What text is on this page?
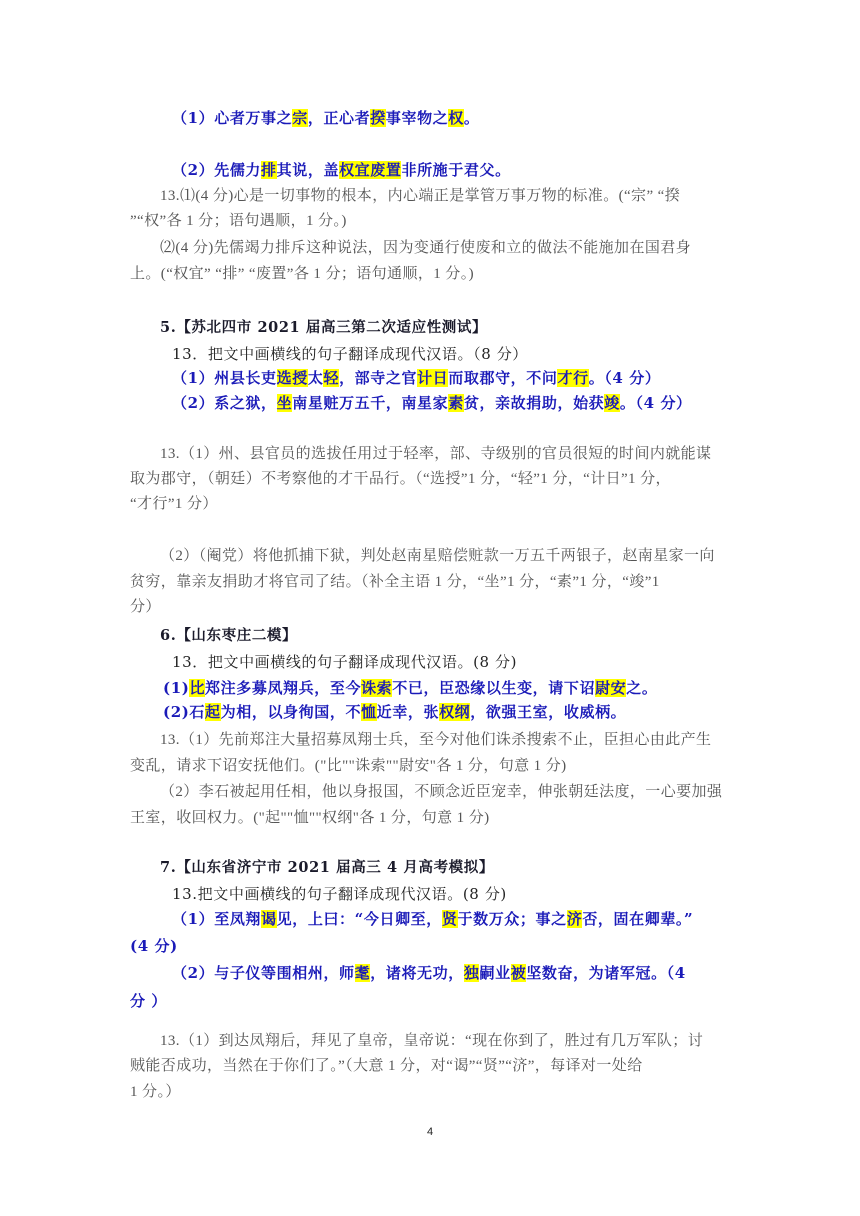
（1）心者万事之宗，正心者揆事宰物之权。
（2）先儒力排其说，盖权宜废置非所施于君父。
13.⑴(4 分)心是一切事物的根本，内心端正是掌管万事万物的标准。(“宗” “揆
”“权”各 1 分；语句遇顺，1 分。)
⑵(4 分)先儒竭力排斥这种说法，因为变通行使废和立的做法不能施加在国君身
上。(“权宜” “排” “废置”各 1 分；语句通顺，1 分。)
5.【苏北四市 2021 届高三第二次适应性测试】
13．把文中画横线的句子翻译成现代汉语。（8 分）
（1）州县长吏选授太轻，部寺之官计日而取郡守，不问才行。（4 分）
（2）系之狱，坐南星赃万五千，南星家素贫，亲故捐助，始获竣。（4 分）
13.（1）州、县官员的选拔任用过于轻率，部、寺级别的官员很短的时间内就能谋
取为郡守，（朝廷）不考察他的才干品行。（“选授”1 分，“轻”1 分，“计日”1 分，
“才行”1 分）
（2）（阉党）将他抓捕下狱，判处赵南星赔偿赃款一万五千两银子，赵南星家一向
贫穷，靠亲友捐助才将官司了结。（补全主语 1 分，“坐”1 分，“素”1 分，“竣”1
分）
6.【山东枣庄二模】
13．把文中画横线的句子翻译成现代汉语。(8 分)
(1)比郑注多募凤翔兵，至今诛索不已，臣恐缘以生变，请下诏尉安之。
(2)石起为相，以身徇国，不恤近幸，张权纲，欲强王室，收威柄。
13.（1）先前郑注大量招募凤翔士兵，至今对他们诛杀搜索不止，臣担心由此产生
变乱，请求下诏安抚他们。("比""诛索""尉安"各 1 分，句意 1 分)
（2）李石被起用任相，他以身报国，不顾念近臣宠幸，伸张朝廷法度，一心要加强
王室，收回权力。("起""恤""权纲"各 1 分，句意 1 分)
7.【山东省济宁市 2021 届高三 4 月高考模拟】
13.把文中画横线的句子翻译成现代汉语。(8 分)
（1）至凤翔谒见，上曰：“今日卿至，贤于数万众；事之济否，固在卿辈。”
(4 分)
（2）与子仪等围相州，师耄，诸将无功，独嗣业被坚数奋，为诸军冠。（4
分 ）
13.（1）到达凤翔后，拜见了皇帝，皇帝说：“现在你到了，胜过有几万军队；讨
贼能否成功，当然在于你们了。”（大意 1 分，对“谒”“贤”“济”，每译对一处给
1 分。）
4
